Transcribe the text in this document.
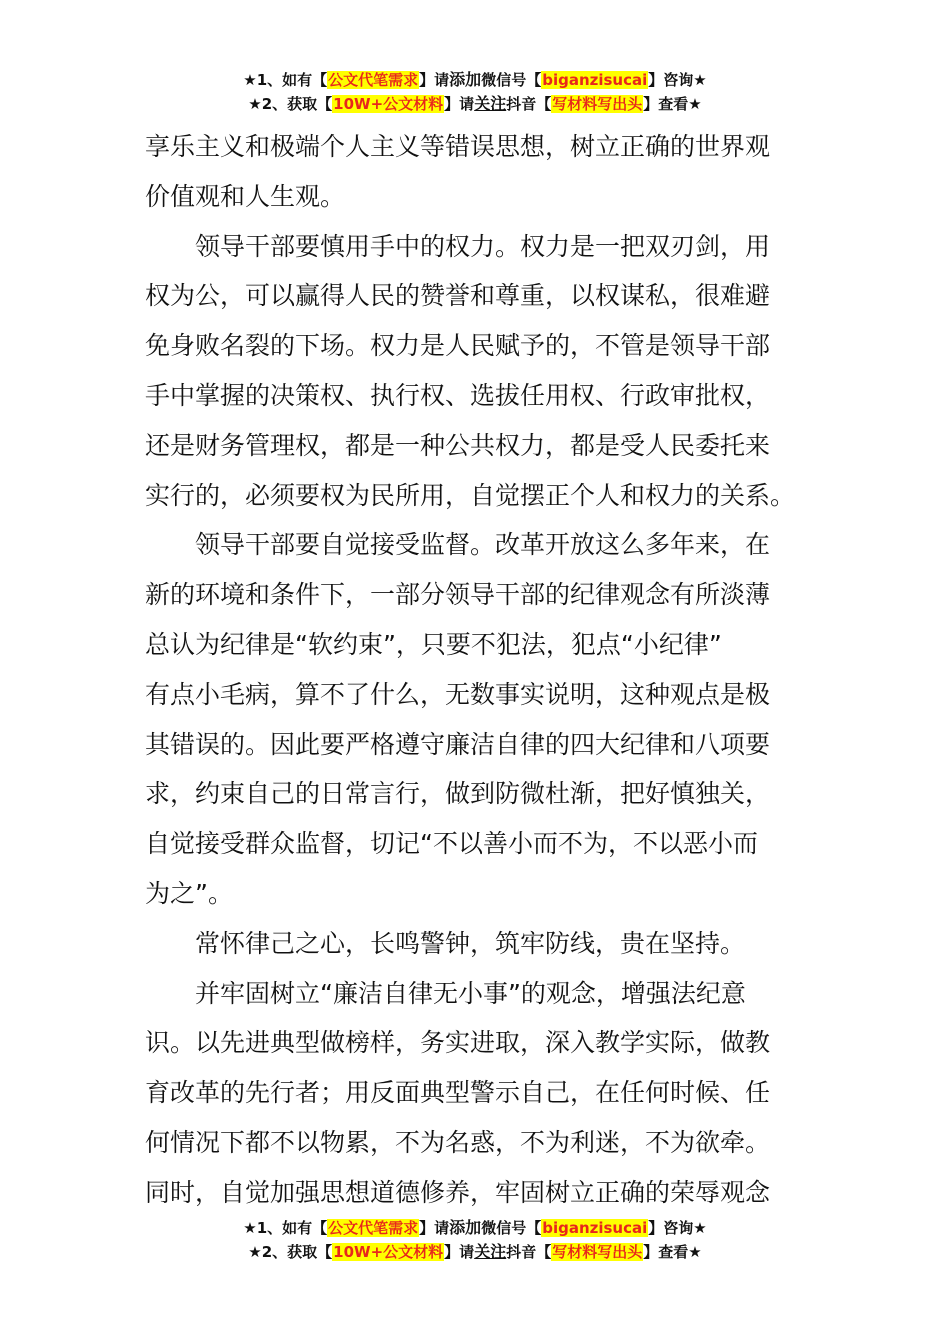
★1、如有【公文代笔需求】请添加微信号【biganzisucai】咨询★
★2、获取【10W+公文材料】请关注抖音【写材料写出头】查看★

享乐主义和极端个人主义等错误思想，树立正确的世界观

价值观和人生观。

领导干部要慎用手中的权力。权力是一把双刃剑，用

权为公，可以赢得人民的赞誉和尊重，以权谋私，很难避

免身败名裂的下场。权力是人民赋予的，不管是领导干部

手中掌握的决策权、执行权、选拔任用权、行政审批权，

还是财务管理权，都是一种公共权力，都是受人民委托来

实行的，必须要权为民所用，自觉摆正个人和权力的关系。

领导干部要自觉接受监督。改革开放这么多年来，在

新的环境和条件下，一部分领导干部的纪律观念有所淡薄

总认为纪律是“软约束”，只要不犯法，犯点“小纪律”

有点小毛病，算不了什么，无数事实说明，这种观点是极

其错误的。因此要严格遵守廉洁自律的四大纪律和八项要

求，约束自己的日常言行，做到防微杜渐，把好慎独关，

自觉接受群众监督，切记“不以善小而不为，不以恶小而

为之”。

常怀律己之心，长鸣警钟，筑牢防线，贵在坚持。

并牢固树立“廉洁自律无小事”的观念，增强法纪意

识。以先进典型做榜样，务实进取，深入教学实际，做教

育改革的先行者；用反面典型警示自己，在任何时候、任

何情况下都不以物累，不为名惑，不为利迷，不为欲牵。

同时，自觉加强思想道德修养，牢固树立正确的荣辱观念

★1、如有【公文代笔需求】请添加微信号【biganzisucai】咨询★
★2、获取【10W+公文材料】请关注抖音【写材料写出头】查看★
